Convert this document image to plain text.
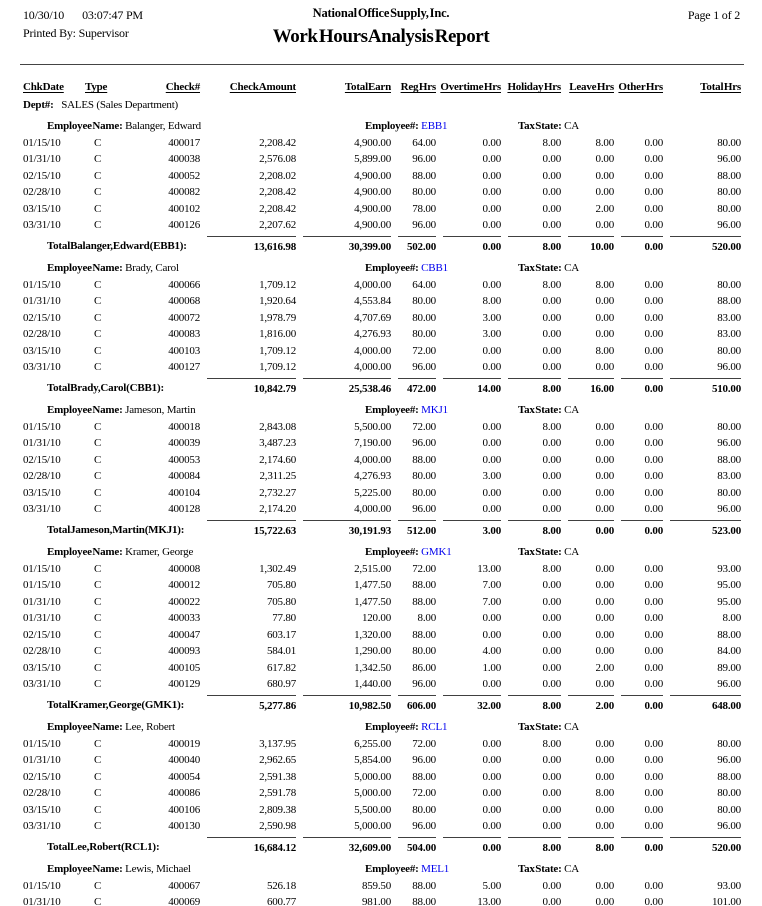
10/30/10 03:07:47 PM
Printed By: Supervisor
National Office Supply, Inc.
Work Hours Analysis Report
Page 1 of 2
ChkDate	Type	Check#	CheckAmount	TotalEarn	Reg Hrs	Overtime Hrs	Holiday Hrs	Leave Hrs	Other Hrs	Total Hrs
Dept#: SALES (Sales Department)
Employee Name: Balanger, Edward	Employee#: EBB1	Tax State: CA
01/15/10	C	400017	2,208.42	4,900.00	64.00	0.00	8.00	8.00	0.00	80.00
01/31/10	C	400038	2,576.08	5,899.00	96.00	0.00	0.00	0.00	0.00	96.00
02/15/10	C	400052	2,208.02	4,900.00	88.00	0.00	0.00	0.00	0.00	88.00
02/28/10	C	400082	2,208.42	4,900.00	80.00	0.00	0.00	0.00	0.00	80.00
03/15/10	C	400102	2,208.42	4,900.00	78.00	0.00	0.00	2.00	0.00	80.00
03/31/10	C	400126	2,207.62	4,900.00	96.00	0.00	0.00	0.00	0.00	96.00
Total Balanger, Edward (EBB1) :	13,616.98	30,399.00	502.00	0.00	8.00	10.00	0.00	520.00
Employee Name: Brady, Carol	Employee#: CBB1	Tax State: CA
01/15/10	C	400066	1,709.12	4,000.00	64.00	0.00	8.00	8.00	0.00	80.00
01/31/10	C	400068	1,920.64	4,553.84	80.00	8.00	0.00	0.00	0.00	88.00
02/15/10	C	400072	1,978.79	4,707.69	80.00	3.00	0.00	0.00	0.00	83.00
02/28/10	C	400083	1,816.00	4,276.93	80.00	3.00	0.00	0.00	0.00	83.00
03/15/10	C	400103	1,709.12	4,000.00	72.00	0.00	0.00	8.00	0.00	80.00
03/31/10	C	400127	1,709.12	4,000.00	96.00	0.00	0.00	0.00	0.00	96.00
Total Brady, Carol (CBB1) :	10,842.79	25,538.46	472.00	14.00	8.00	16.00	0.00	510.00
Employee Name: Jameson, Martin	Employee#: MKJ1	Tax State: CA
01/15/10	C	400018	2,843.08	5,500.00	72.00	0.00	8.00	0.00	0.00	80.00
01/31/10	C	400039	3,487.23	7,190.00	96.00	0.00	0.00	0.00	0.00	96.00
02/15/10	C	400053	2,174.60	4,000.00	88.00	0.00	0.00	0.00	0.00	88.00
02/28/10	C	400084	2,311.25	4,276.93	80.00	3.00	0.00	0.00	0.00	83.00
03/15/10	C	400104	2,732.27	5,225.00	80.00	0.00	0.00	0.00	0.00	80.00
03/31/10	C	400128	2,174.20	4,000.00	96.00	0.00	0.00	0.00	0.00	96.00
Total Jameson, Martin (MKJ1) :	15,722.63	30,191.93	512.00	3.00	8.00	0.00	0.00	523.00
Employee Name: Kramer, George	Employee#: GMK1	Tax State: CA
01/15/10	C	400008	1,302.49	2,515.00	72.00	13.00	8.00	0.00	0.00	93.00
01/15/10	C	400012	705.80	1,477.50	88.00	7.00	0.00	0.00	0.00	95.00
01/31/10	C	400022	705.80	1,477.50	88.00	7.00	0.00	0.00	0.00	95.00
01/31/10	C	400033	77.80	120.00	8.00	0.00	0.00	0.00	0.00	8.00
02/15/10	C	400047	603.17	1,320.00	88.00	0.00	0.00	0.00	0.00	88.00
02/28/10	C	400093	584.01	1,290.00	80.00	4.00	0.00	0.00	0.00	84.00
03/15/10	C	400105	617.82	1,342.50	86.00	1.00	0.00	2.00	0.00	89.00
03/31/10	C	400129	680.97	1,440.00	96.00	0.00	0.00	0.00	0.00	96.00
Total Kramer, George (GMK1) :	5,277.86	10,982.50	606.00	32.00	8.00	2.00	0.00	648.00
Employee Name: Lee, Robert	Employee#: RCL1	Tax State: CA
01/15/10	C	400019	3,137.95	6,255.00	72.00	0.00	8.00	0.00	0.00	80.00
01/31/10	C	400040	2,962.65	5,854.00	96.00	0.00	0.00	0.00	0.00	96.00
02/15/10	C	400054	2,591.38	5,000.00	88.00	0.00	0.00	0.00	0.00	88.00
02/28/10	C	400086	2,591.78	5,000.00	72.00	0.00	0.00	8.00	0.00	80.00
03/15/10	C	400106	2,809.38	5,500.00	80.00	0.00	0.00	0.00	0.00	80.00
03/31/10	C	400130	2,590.98	5,000.00	96.00	0.00	0.00	0.00	0.00	96.00
Total Lee, Robert (RCL1) :	16,684.12	32,609.00	504.00	0.00	8.00	8.00	0.00	520.00
Employee Name: Lewis, Michael	Employee#: MEL1	Tax State: CA
01/15/10	C	400067	526.18	859.50	88.00	5.00	0.00	0.00	0.00	93.00
01/31/10	C	400069	600.77	981.00	88.00	13.00	0.00	0.00	0.00	101.00
